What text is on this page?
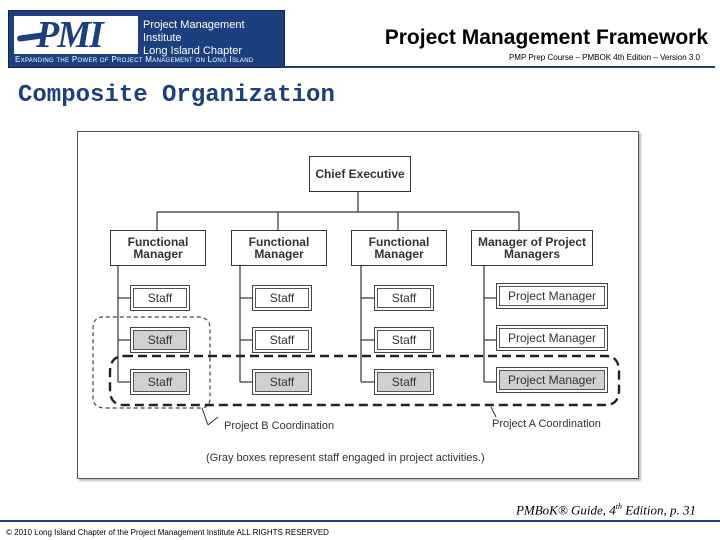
PMI	Project Management Institute
Long Island Chapter
Expanding the Power of Project Management on Long Island
Project Management Framework
PMP Prep Course – PMBOK 4th Edition – Version 3.0
Composite Organization
Chief Executive
Functional Manager
Functional Manager
Functional Manager
Manager of Project Managers
Staff
Staff
Staff
Staff
Staff
Staff
Staff
Staff
Staff
Project Manager
Project Manager
Project Manager
Project B Coordination	Project A Coordination
(Gray boxes represent staff engaged in project activities.)
PMBoK® Guide, 4th Edition, p. 31
© 2010 Long Island Chapter of the Project Management Institute ALL RIGHTS RESERVED
